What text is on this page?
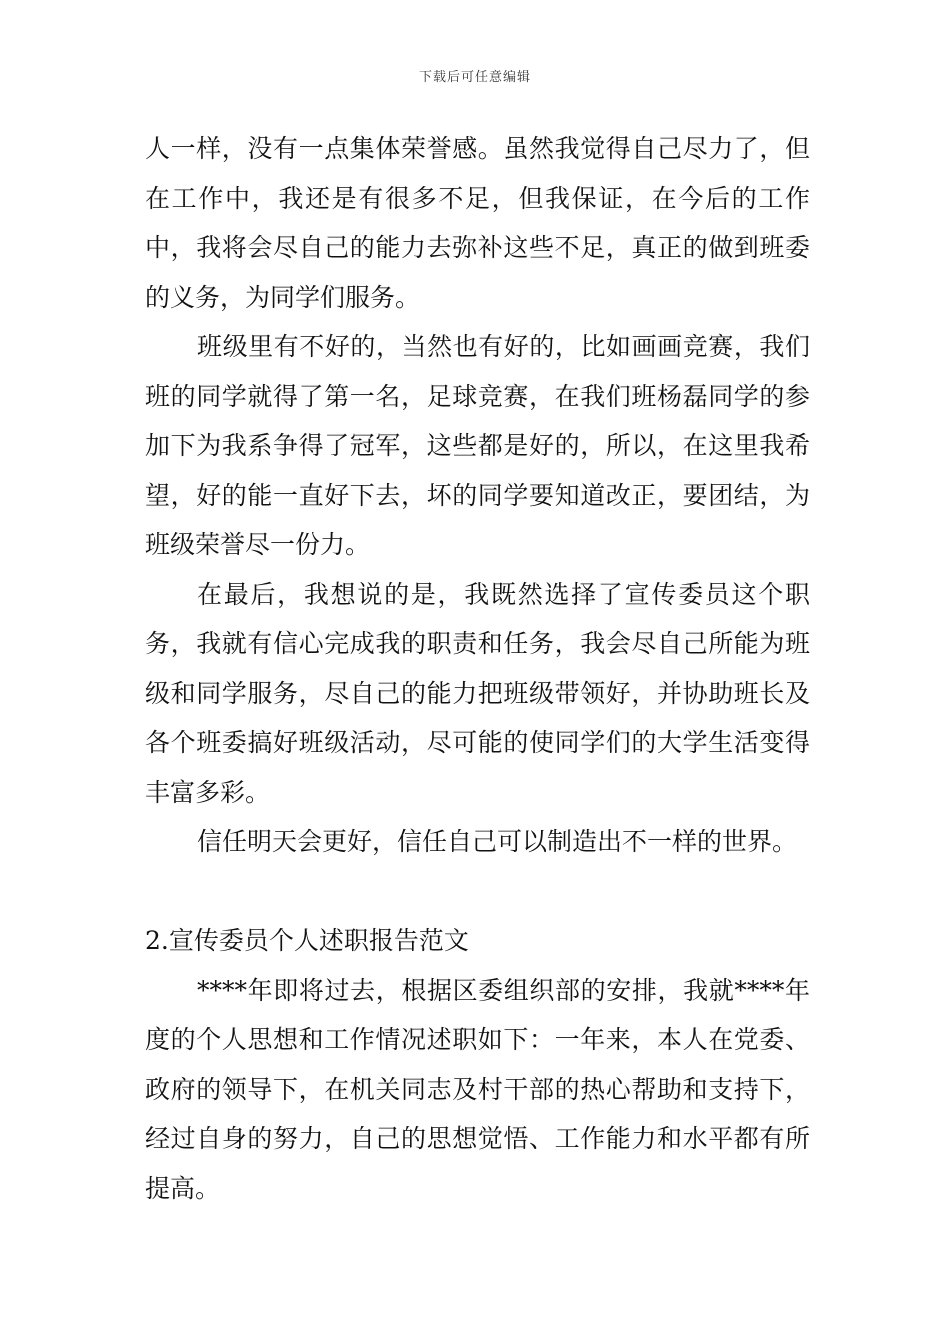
下载后可任意编辑

人一样，没有一点集体荣誉感。虽然我觉得自己尽力了，但在工作中，我还是有很多不足，但我保证，在今后的工作中，我将会尽自己的能力去弥补这些不足，真正的做到班委的义务，为同学们服务。

班级里有不好的，当然也有好的，比如画画竞赛，我们班的同学就得了第一名，足球竞赛，在我们班杨磊同学的参加下为我系争得了冠军，这些都是好的，所以，在这里我希望，好的能一直好下去，坏的同学要知道改正，要团结，为班级荣誉尽一份力。

在最后，我想说的是，我既然选择了宣传委员这个职务，我就有信心完成我的职责和任务，我会尽自己所能为班级和同学服务，尽自己的能力把班级带领好，并协助班长及各个班委搞好班级活动，尽可能的使同学们的大学生活变得丰富多彩。

信任明天会更好，信任自己可以制造出不一样的世界。

2.宣传委员个人述职报告范文

****年即将过去，根据区委组织部的安排，我就****年度的个人思想和工作情况述职如下：一年来，本人在党委、政府的领导下，在机关同志及村干部的热心帮助和支持下，经过自身的努力，自己的思想觉悟、工作能力和水平都有所提高。
